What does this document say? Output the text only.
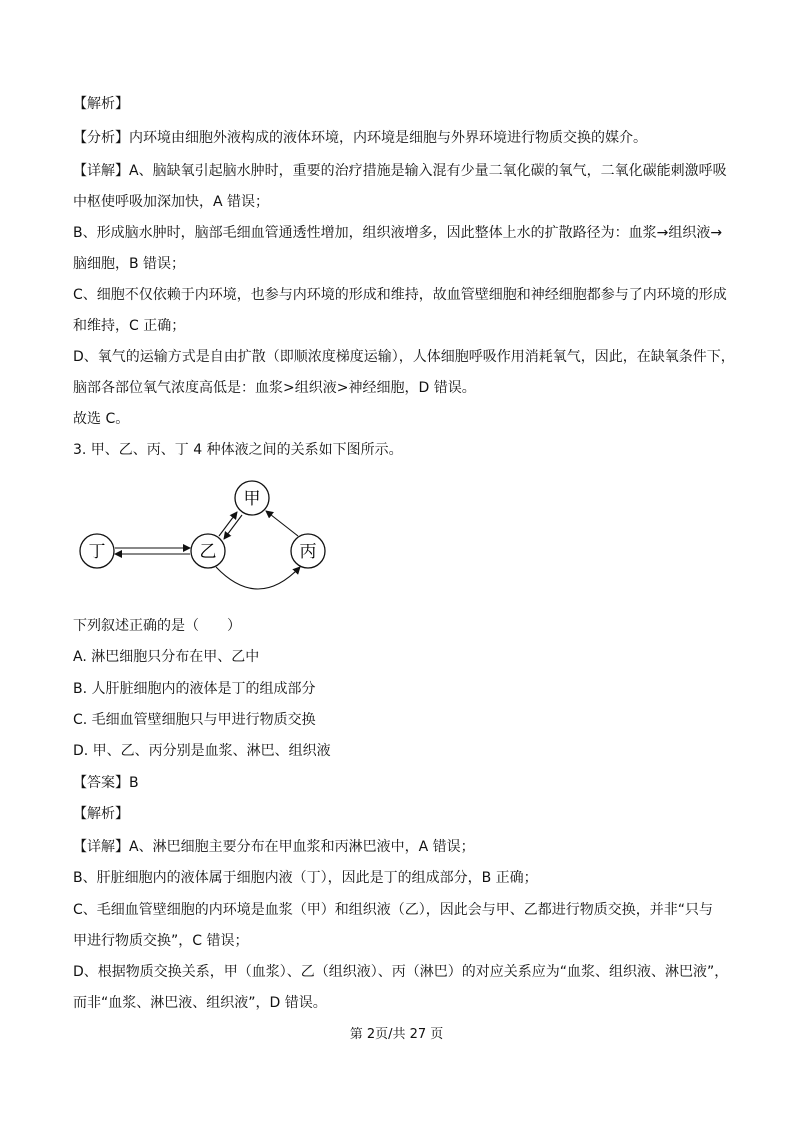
【解析】
【分析】内环境由细胞外液构成的液体环境，内环境是细胞与外界环境进行物质交换的媒介。
【详解】A、脑缺氧引起脑水肿时，重要的治疗措施是输入混有少量二氧化碳的氧气，二氧化碳能刺激呼吸
中枢使呼吸加深加快，A 错误；
B、形成脑水肿时，脑部毛细血管通透性增加，组织液增多，因此整体上水的扩散路径为：血浆→组织液→
脑细胞，B 错误；
C、细胞不仅依赖于内环境，也参与内环境的形成和维持，故血管壁细胞和神经细胞都参与了内环境的形成
和维持，C 正确；
D、氧气的运输方式是自由扩散（即顺浓度梯度运输），人体细胞呼吸作用消耗氧气，因此，在缺氧条件下，
脑部各部位氧气浓度高低是：血浆>组织液>神经细胞，D 错误。
故选 C。
3. 甲、乙、丙、丁 4 种体液之间的关系如下图所示。
甲
乙	丙
丁
下列叙述正确的是（　　）
A. 淋巴细胞只分布在甲、乙中
B. 人肝脏细胞内的液体是丁的组成部分
C. 毛细血管壁细胞只与甲进行物质交换
D. 甲、乙、丙分别是血浆、淋巴、组织液
【答案】B
【解析】
【详解】A、淋巴细胞主要分布在甲血浆和丙淋巴液中，A 错误；
B、肝脏细胞内的液体属于细胞内液（丁），因此是丁的组成部分，B 正确；
C、毛细血管壁细胞的内环境是血浆（甲）和组织液（乙），因此会与甲、乙都进行物质交换，并非“只与
甲进行物质交换”，C 错误；
D、根据物质交换关系，甲（血浆）、乙（组织液）、丙（淋巴）的对应关系应为“血浆、组织液、淋巴液”，
而非“血浆、淋巴液、组织液”，D 错误。
第 2页/共 27 页
